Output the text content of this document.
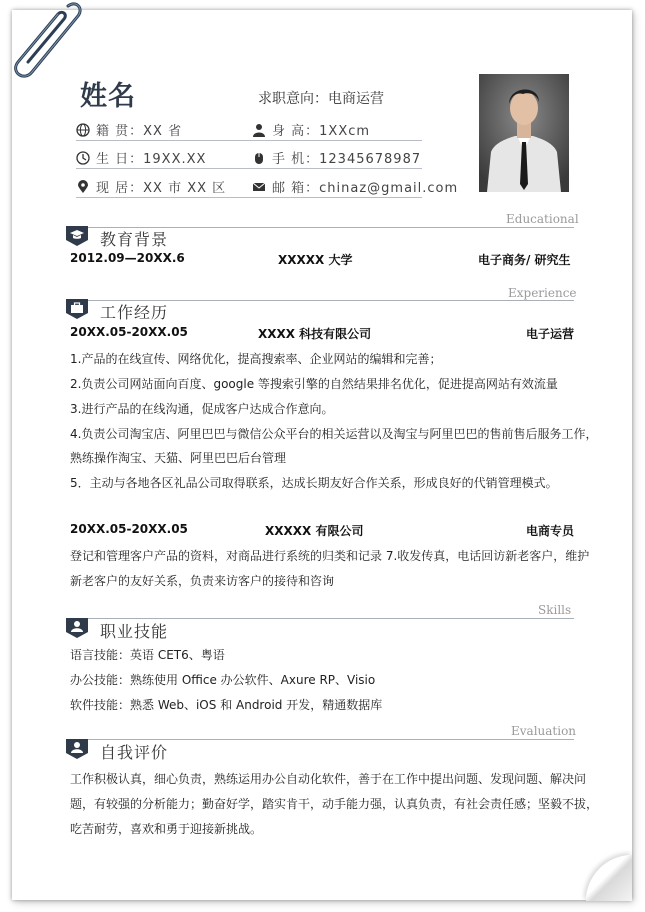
姓名	求职意向：电商运营
籍 贯：XX 省	身 高：1XXcm
生 日：19XX.XX	手 机：12345678987
现 居：XX 市 XX 区	邮 箱：chinaz@gmail.com
Educational
教育背景
2012.09—20XX.6	XXXXX 大学	电子商务/ 研究生
Experience
工作经历
20XX.05-20XX.05	XXXX 科技有限公司	电子运营
1.产品的在线宣传、网络优化，提高搜索率、企业网站的编辑和完善；
2.负责公司网站面向百度、google 等搜索引擎的自然结果排名优化，促进提高网站有效流量
3.进行产品的在线沟通，促成客户达成合作意向。
4.负责公司淘宝店、阿里巴巴与微信公众平台的相关运营以及淘宝与阿里巴巴的售前售后服务工作，
熟练操作淘宝、天猫、阿里巴巴后台管理
5．主动与各地各区礼品公司取得联系，达成长期友好合作关系，形成良好的代销管理模式。
20XX.05-20XX.05	XXXXX 有限公司	电商专员
登记和管理客户产品的资料，对商品进行系统的归类和记录 7.收发传真，电话回访新老客户，维护
新老客户的友好关系，负责来访客户的接待和咨询
Skills
职业技能
语言技能：英语 CET6、粤语
办公技能：熟练使用 Office 办公软件、Axure RP、Visio
软件技能：熟悉 Web、iOS 和 Android 开发，精通数据库
Evaluation
自我评价
工作积极认真，细心负责，熟练运用办公自动化软件，善于在工作中提出问题、发现问题、解决问
题，有较强的分析能力；勤奋好学，踏实肯干，动手能力强，认真负责，有社会责任感；坚毅不拔，
吃苦耐劳，喜欢和勇于迎接新挑战。
